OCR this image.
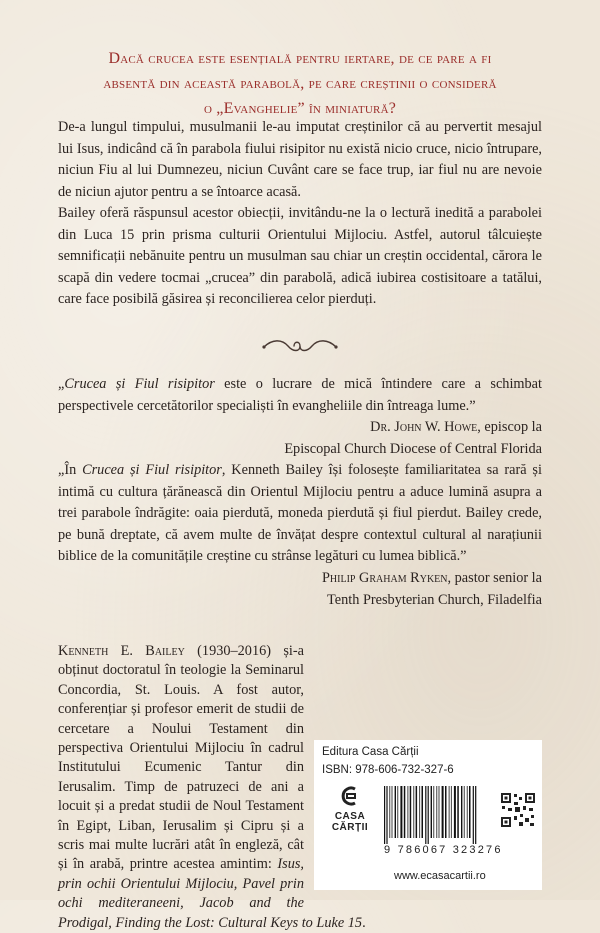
Dacă crucea este esențială pentru iertare, de ce pare a fi
absentă din această parabolă, pe care creștinii o consideră
o „Evanghelie” în miniatură?

De-a lungul timpului, musulmanii le-au imputat creștinilor că au pervertit mesajul lui Isus, indicând că în parabola fiului risipitor nu există nicio cruce, nicio întrupare, niciun Fiu al lui Dumnezeu, niciun Cuvânt care se face trup, iar fiul nu are nevoie de niciun ajutor pentru a se întoarce acasă.

Bailey oferă răspunsul acestor obiecții, invitându-ne la o lectură inedită a parabolei din Luca 15 prin prisma culturii Orientului Mijlociu. Astfel, autorul tâlcuiește semnificații nebănuite pentru un musulman sau chiar un creștin occidental, cărora le scapă din vedere tocmai „crucea” din parabolă, adică iubirea costisitoare a tatălui, care face posibilă găsirea și reconcilierea celor pierduți.

„Crucea și Fiul risipitor este o lucrare de mică întindere care a schimbat perspectivele cercetătorilor specialiști în evangheliile din întreaga lume.”
Dr. John W. Howe, episcop la
Episcopal Church Diocese of Central Florida
„În Crucea și Fiul risipitor, Kenneth Bailey își folosește familiaritatea sa rară și intimă cu cultura țărănească din Orientul Mijlociu pentru a aduce lumină asupra a trei parabole îndrăgite: oaia pierdută, moneda pierdută și fiul pierdut. Bailey crede, pe bună dreptate, că avem multe de învățat despre contextul cultural al narațiunii biblice de la comunitățile creștine cu strânse legături cu lumea biblică.”
Philip Graham Ryken, pastor senior la
Tenth Presbyterian Church, Filadelfia

Kenneth E. Bailey (1930–2016) și-a obținut doctoratul în teologie la Seminarul Concordia, St. Louis. A fost autor, conferențiar și profesor emerit de studii de cercetare a Noului Testament din perspectiva Orientului Mijlociu în cadrul Institutului Ecumenic Tantur din Ierusalim. Timp de patruzeci de ani a locuit și a predat studii de Noul Testament în Egipt, Liban, Ierusalim și Cipru și a scris mai multe lucrări atât în engleză, cât și în arabă, printre acestea amintim: Isus, prin ochii Orientului Mijlociu, Pavel prin ochi mediteraneeni, Jacob and the Prodigal, Finding the Lost: Cultural Keys to Luke 15.

Editura Casa Cărții
ISBN: 978-606-732-327-6
CASA
CĂRȚII
9 786067 323276
www.ecasacartii.ro
